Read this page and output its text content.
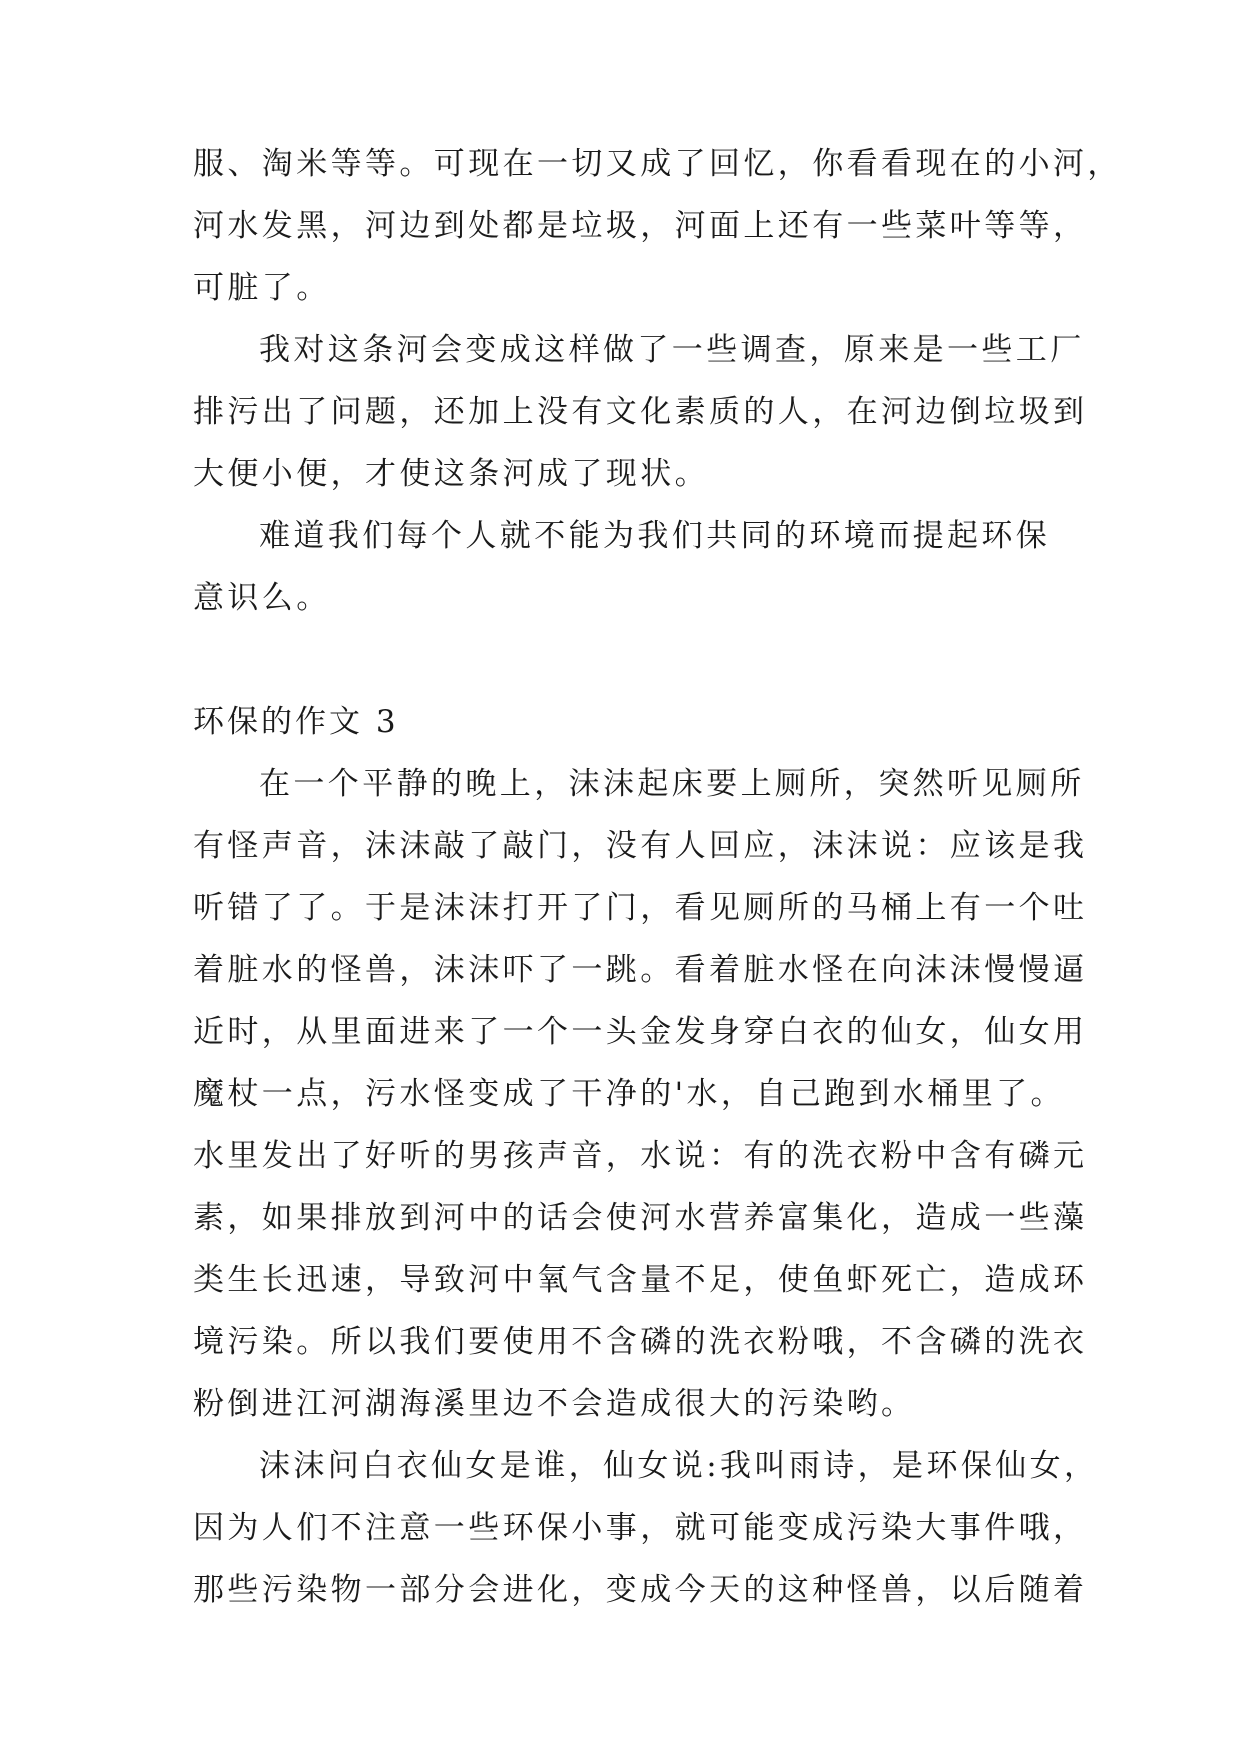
服、淘米等等。可现在一切又成了回忆，你看看现在的小河，
河水发黑，河边到处都是垃圾，河面上还有一些菜叶等等，
可脏了。
我对这条河会变成这样做了一些调查，原来是一些工厂
排污出了问题，还加上没有文化素质的人，在河边倒垃圾到
大便小便，才使这条河成了现状。
难道我们每个人就不能为我们共同的环境而提起环保
意识么。
环保的作文 3
在一个平静的晚上，沫沫起床要上厕所，突然听见厕所
有怪声音，沫沫敲了敲门，没有人回应，沫沫说：应该是我
听错了了。于是沫沫打开了门，看见厕所的马桶上有一个吐
着脏水的怪兽，沫沫吓了一跳。看着脏水怪在向沫沫慢慢逼
近时，从里面进来了一个一头金发身穿白衣的仙女，仙女用
魔杖一点，污水怪变成了干净的'水，自己跑到水桶里了。
水里发出了好听的男孩声音，水说：有的洗衣粉中含有磷元
素，如果排放到河中的话会使河水营养富集化，造成一些藻
类生长迅速，导致河中氧气含量不足，使鱼虾死亡，造成环
境污染。所以我们要使用不含磷的洗衣粉哦，不含磷的洗衣
粉倒进江河湖海溪里边不会造成很大的污染哟。
沫沫问白衣仙女是谁，仙女说:我叫雨诗，是环保仙女，
因为人们不注意一些环保小事，就可能变成污染大事件哦，
那些污染物一部分会进化，变成今天的这种怪兽，以后随着
